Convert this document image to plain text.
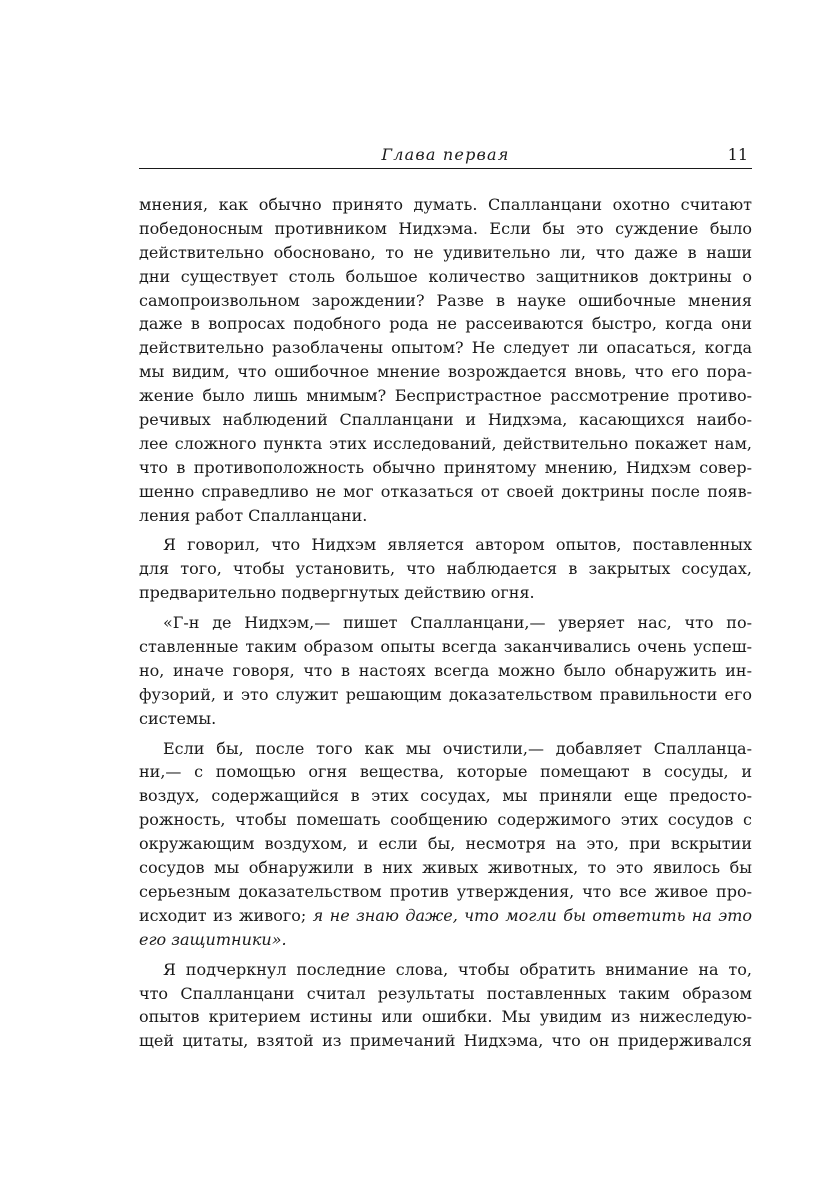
Глава первая	11
мнения, как обычно принято думать. Спалланцани охотно считают
победоносным противником Нидхэма. Если бы это суждение было
действительно обосновано, то не удивительно ли, что даже в наши
дни существует столь большое количество защитников доктрины о
самопроизвольном зарождении? Разве в науке ошибочные мнения
даже в вопросах подобного рода не рассеиваются быстро, когда они
действительно разоблачены опытом? Не следует ли опасаться, когда
мы видим, что ошибочное мнение возрождается вновь, что его пора-
жение было лишь мнимым? Беспристрастное рассмотрение противо-
речивых наблюдений Спалланцани и Нидхэма, касающихся наибо-
лее сложного пункта этих исследований, действительно покажет нам,
что в противоположность обычно принятому мнению, Нидхэм совер-
шенно справедливо не мог отказаться от своей доктрины после появ-
ления работ Спалланцани.
Я говорил, что Нидхэм является автором опытов, поставленных
для того, чтобы установить, что наблюдается в закрытых сосудах,
предварительно подвергнутых действию огня.
«Г-н де Нидхэм,— пишет Спалланцани,— уверяет нас, что по-
ставленные таким образом опыты всегда заканчивались очень успеш-
но, иначе говоря, что в настоях всегда можно было обнаружить ин-
фузорий, и это служит решающим доказательством правильности его
системы.
Если бы, после того как мы очистили,— добавляет Спалланца-
ни,— с помощью огня вещества, которые помещают в сосуды, и
воздух, содержащийся в этих сосудах, мы приняли еще предосто-
рожность, чтобы помешать сообщению содержимого этих сосудов с
окружающим воздухом, и если бы, несмотря на это, при вскрытии
сосудов мы обнаружили в них живых животных, то это явилось бы
серьезным доказательством против утверждения, что все живое про-
исходит из живого; я не знаю даже, что могли бы ответить на это
его защитники».
Я подчеркнул последние слова, чтобы обратить внимание на то,
что Спалланцани считал результаты поставленных таким образом
опытов критерием истины или ошибки. Мы увидим из нижеследую-
щей цитаты, взятой из примечаний Нидхэма, что он придерживался
